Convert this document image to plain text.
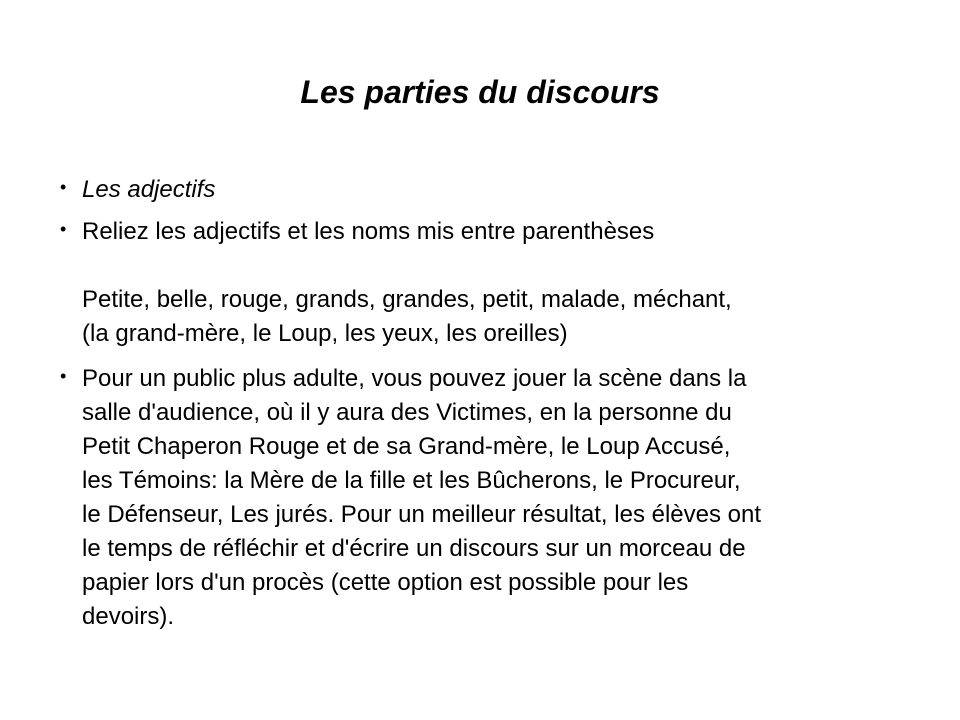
Les parties du discours
• Les adjectifs
• Reliez les adjectifs et les noms mis entre parenthèses

Petite, belle, rouge, grands, grandes, petit, malade, méchant,
(la grand-mère, le Loup, les yeux, les oreilles)
• Pour un public plus adulte, vous pouvez jouer la scène dans la
salle d'audience, où il y aura des Victimes, en la personne du
Petit Chaperon Rouge et de sa Grand-mère, le Loup Accusé,
les Témoins: la Mère de la fille et les Bûcherons, le Procureur,
le Défenseur, Les jurés. Pour un meilleur résultat, les élèves ont
le temps de réfléchir et d'écrire un discours sur un morceau de
papier lors d'un procès (cette option est possible pour les
devoirs).
